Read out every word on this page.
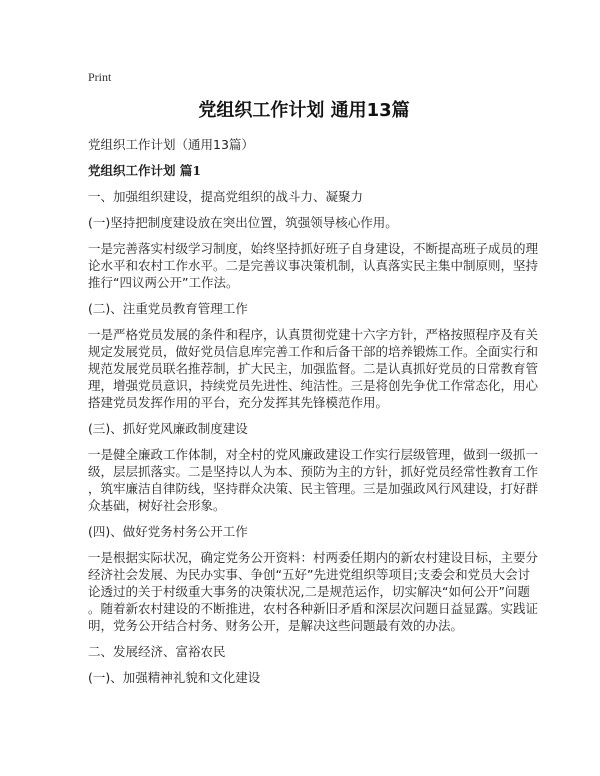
Print
党组织工作计划 通用13篇

党组织工作计划（通用13篇）

党组织工作计划 篇1

一、加强组织建设，提高党组织的战斗力、凝聚力

(一)坚持把制度建设放在突出位置，筑强领导核心作用。

一是完善落实村级学习制度，始终坚持抓好班子自身建设，不断提高班子成员的理
论水平和农村工作水平。二是完善议事决策机制，认真落实民主集中制原则，坚持
推行“四议两公开”工作法。

(二)、注重党员教育管理工作

一是严格党员发展的条件和程序，认真贯彻党建十六字方针，严格按照程序及有关
规定发展党员，做好党员信息库完善工作和后备干部的培养锻炼工作。全面实行和
规范发展党员联名推荐制，扩大民主，加强监督。二是认真抓好党员的日常教育管
理，增强党员意识，持续党员先进性、纯洁性。三是将创先争优工作常态化，用心
搭建党员发挥作用的平台，充分发挥其先锋模范作用。

(三)、抓好党风廉政制度建设

一是健全廉政工作体制，对全村的党风廉政建设工作实行层级管理，做到一级抓一
级，层层抓落实。二是坚持以人为本、预防为主的方针，抓好党员经常性教育工作
，筑牢廉洁自律防线，坚持群众决策、民主管理。三是加强政风行风建设，打好群
众基础，树好社会形象。

(四)、做好党务村务公开工作

一是根据实际状况，确定党务公开资料：村两委任期内的新农村建设目标，主要分
经济社会发展、为民办实事、争创“五好”先进党组织等项目;支委会和党员大会讨
论透过的关于村级重大事务的决策状况,二是规范运作，切实解决“如何公开”问题
。随着新农村建设的不断推进，农村各种新旧矛盾和深层次问题日益显露。实践证
明，党务公开结合村务、财务公开，是解决这些问题最有效的办法。

二、发展经济、富裕农民

(一)、加强精神礼貌和文化建设
